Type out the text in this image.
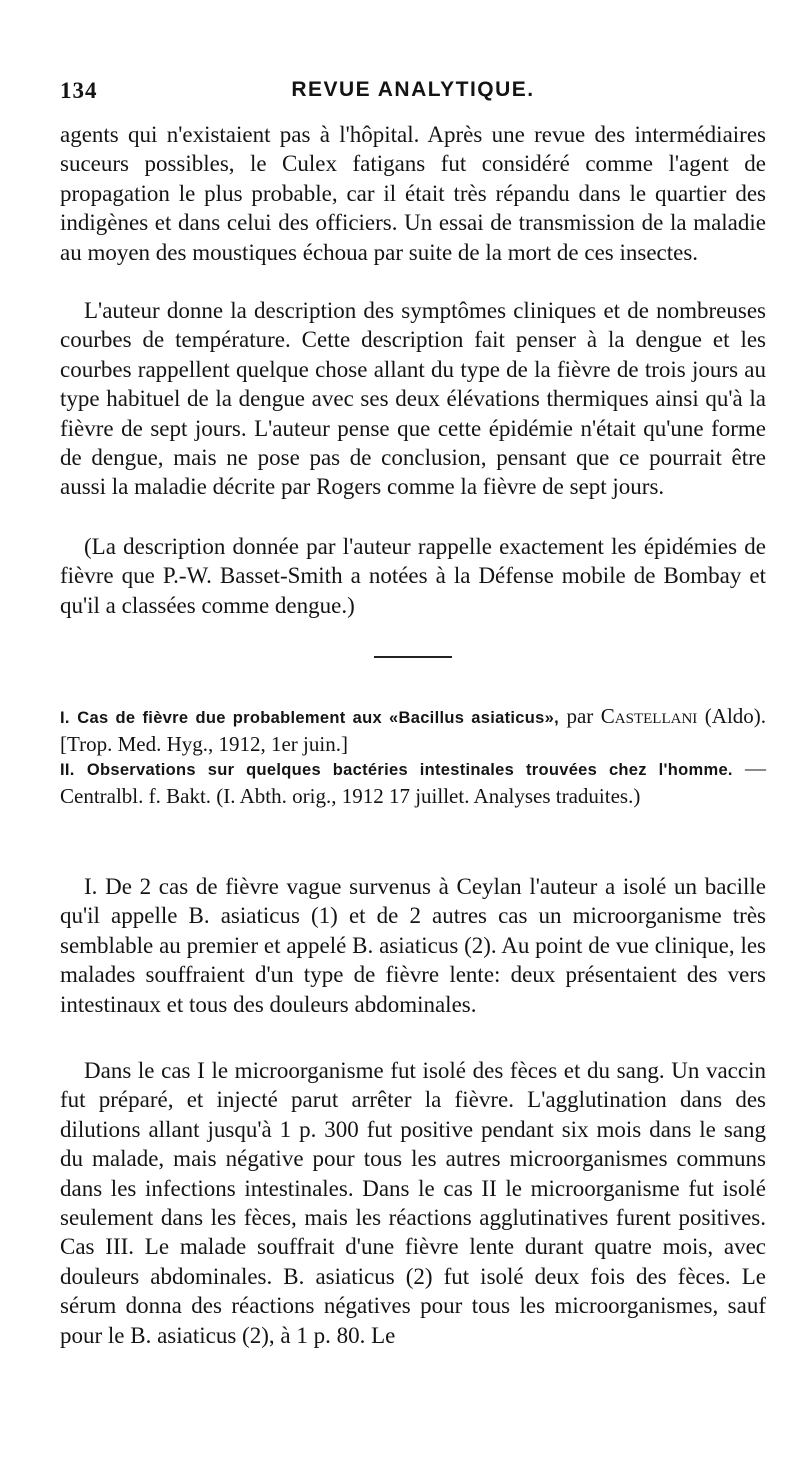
134	REVUE ANALYTIQUE.
agents qui n'existaient pas à l'hôpital. Après une revue des intermédiaires suceurs possibles, le Culex fatigans fut considéré comme l'agent de propagation le plus probable, car il était très répandu dans le quartier des indigènes et dans celui des officiers. Un essai de transmission de la maladie au moyen des moustiques échoua par suite de la mort de ces insectes.
L'auteur donne la description des symptômes cliniques et de nombreuses courbes de température. Cette description fait penser à la dengue et les courbes rappellent quelque chose allant du type de la fièvre de trois jours au type habituel de la dengue avec ses deux élévations thermiques ainsi qu'à la fièvre de sept jours. L'auteur pense que cette épidémie n'était qu'une forme de dengue, mais ne pose pas de conclusion, pensant que ce pourrait être aussi la maladie décrite par Rogers comme la fièvre de sept jours.
(La description donnée par l'auteur rappelle exactement les épidémies de fièvre que P.-W. Basset-Smith a notées à la Défense mobile de Bombay et qu'il a classées comme dengue.)
I. Cas de fièvre due probablement aux «Bacillus asiaticus», par Castellani (Aldo). [Trop. Med. Hyg., 1912, 1er juin.]
II. Observations sur quelques bactéries intestinales trouvées chez l'homme. — Centralbl. f. Bakt. (I. Abth. orig., 1912 17 juillet. Analyses traduites.)
I. De 2 cas de fièvre vague survenus à Ceylan l'auteur a isolé un bacille qu'il appelle B. asiaticus (1) et de 2 autres cas un microorganisme très semblable au premier et appelé B. asiaticus (2). Au point de vue clinique, les malades souffraient d'un type de fièvre lente: deux présentaient des vers intestinaux et tous des douleurs abdominales.
Dans le cas I le microorganisme fut isolé des fèces et du sang. Un vaccin fut préparé, et injecté parut arrêter la fièvre. L'agglutination dans des dilutions allant jusqu'à 1 p. 300 fut positive pendant six mois dans le sang du malade, mais négative pour tous les autres microorganismes communs dans les infections intestinales. Dans le cas II le microorganisme fut isolé seulement dans les fèces, mais les réactions agglutinatives furent positives. Cas III. Le malade souffrait d'une fièvre lente durant quatre mois, avec douleurs abdominales. B. asiaticus (2) fut isolé deux fois des fèces. Le sérum donna des réactions négatives pour tous les microorganismes, sauf pour le B. asiaticus (2), à 1 p. 80. Le
